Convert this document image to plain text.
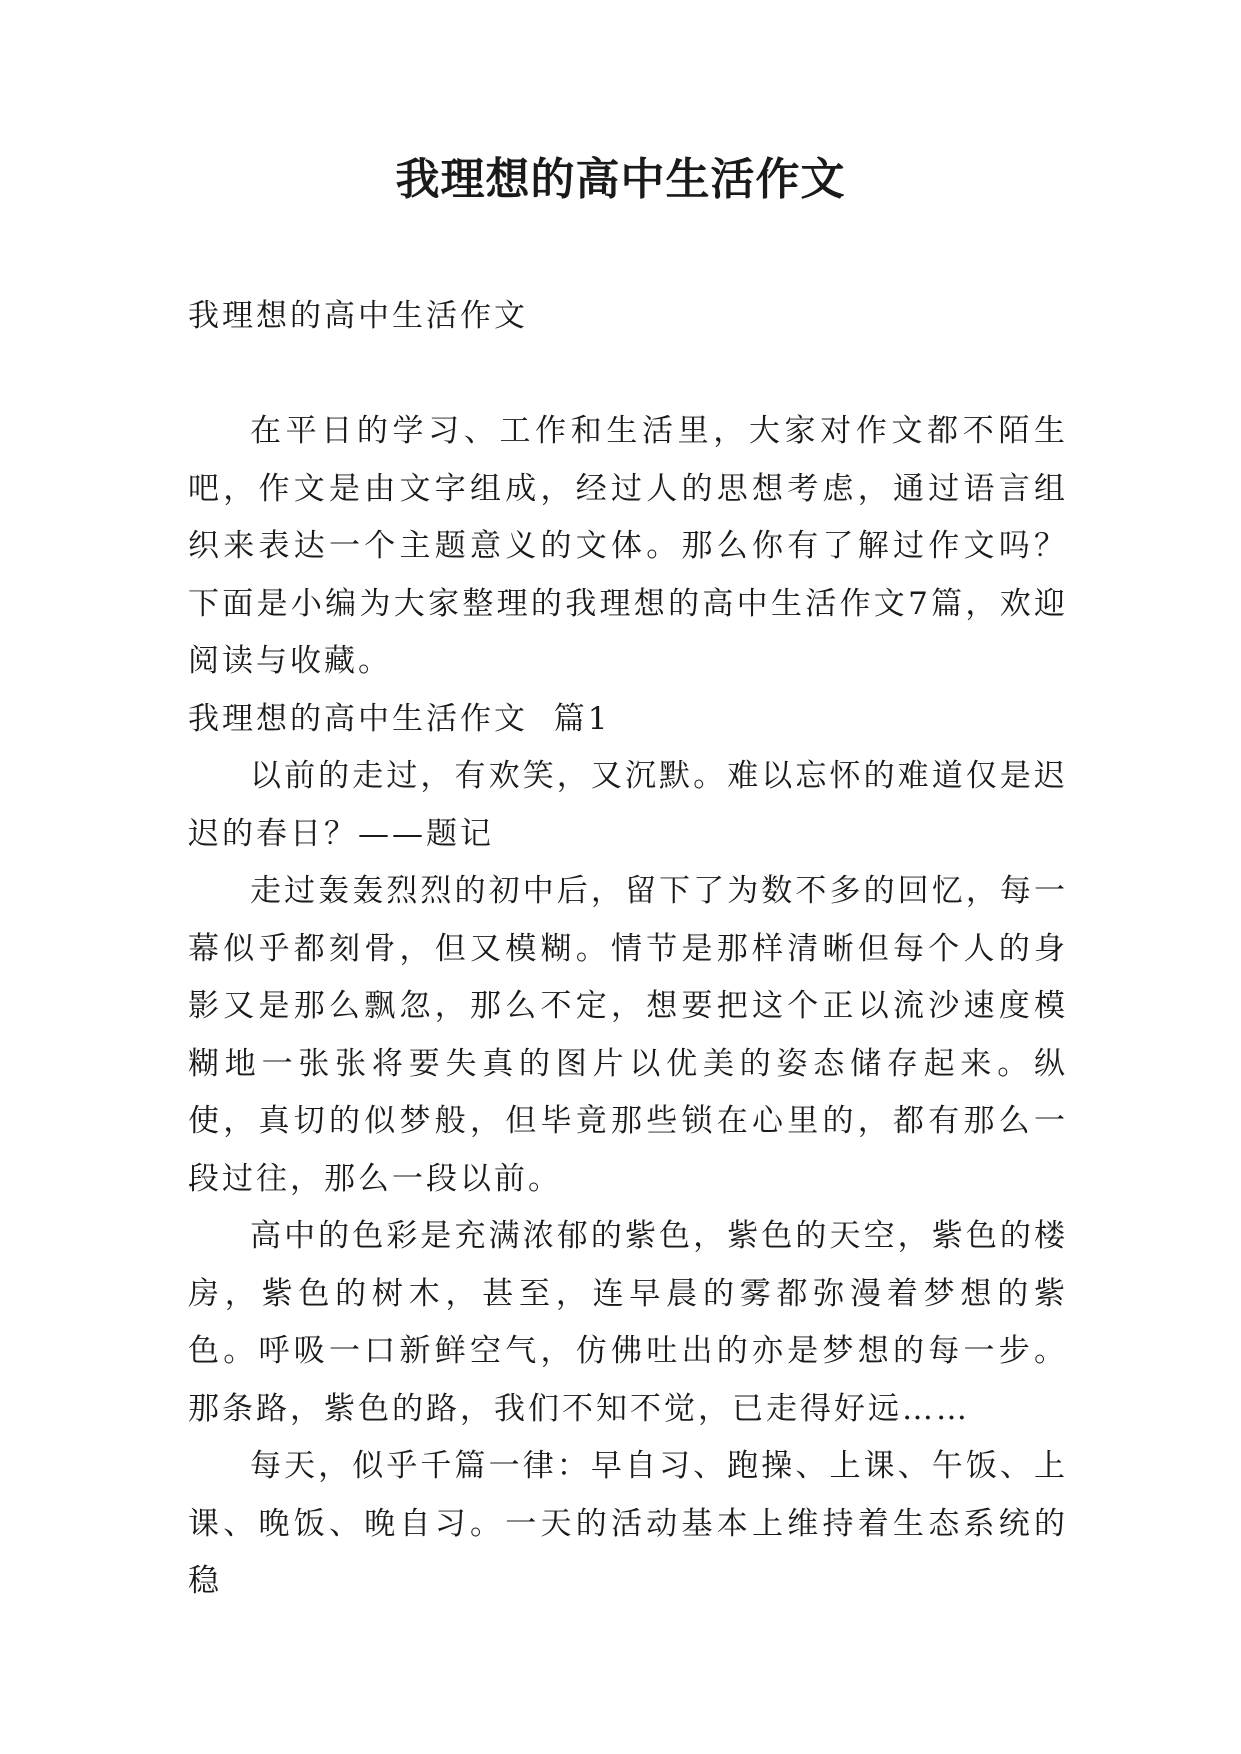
我理想的高中生活作文

我理想的高中生活作文

在平日的学习、工作和生活里，大家对作文都不陌生吧，作文是由文字组成，经过人的思想考虑，通过语言组织来表达一个主题意义的文体。那么你有了解过作文吗？下面是小编为大家整理的我理想的高中生活作文7篇，欢迎阅读与收藏。

我理想的高中生活作文  篇1

以前的走过，有欢笑，又沉默。难以忘怀的难道仅是迟迟的春日？——题记

走过轰轰烈烈的初中后，留下了为数不多的回忆，每一幕似乎都刻骨，但又模糊。情节是那样清晰但每个人的身影又是那么飘忽，那么不定，想要把这个正以流沙速度模糊地一张张将要失真的图片以优美的姿态储存起来。纵使，真切的似梦般，但毕竟那些锁在心里的，都有那么一段过往，那么一段以前。

高中的色彩是充满浓郁的紫色，紫色的天空，紫色的楼房，紫色的树木，甚至，连早晨的雾都弥漫着梦想的紫色。呼吸一口新鲜空气，仿佛吐出的亦是梦想的每一步。那条路，紫色的路，我们不知不觉，已走得好远……

每天，似乎千篇一律：早自习、跑操、上课、午饭、上课、晚饭、晚自习。一天的活动基本上维持着生态系统的稳
